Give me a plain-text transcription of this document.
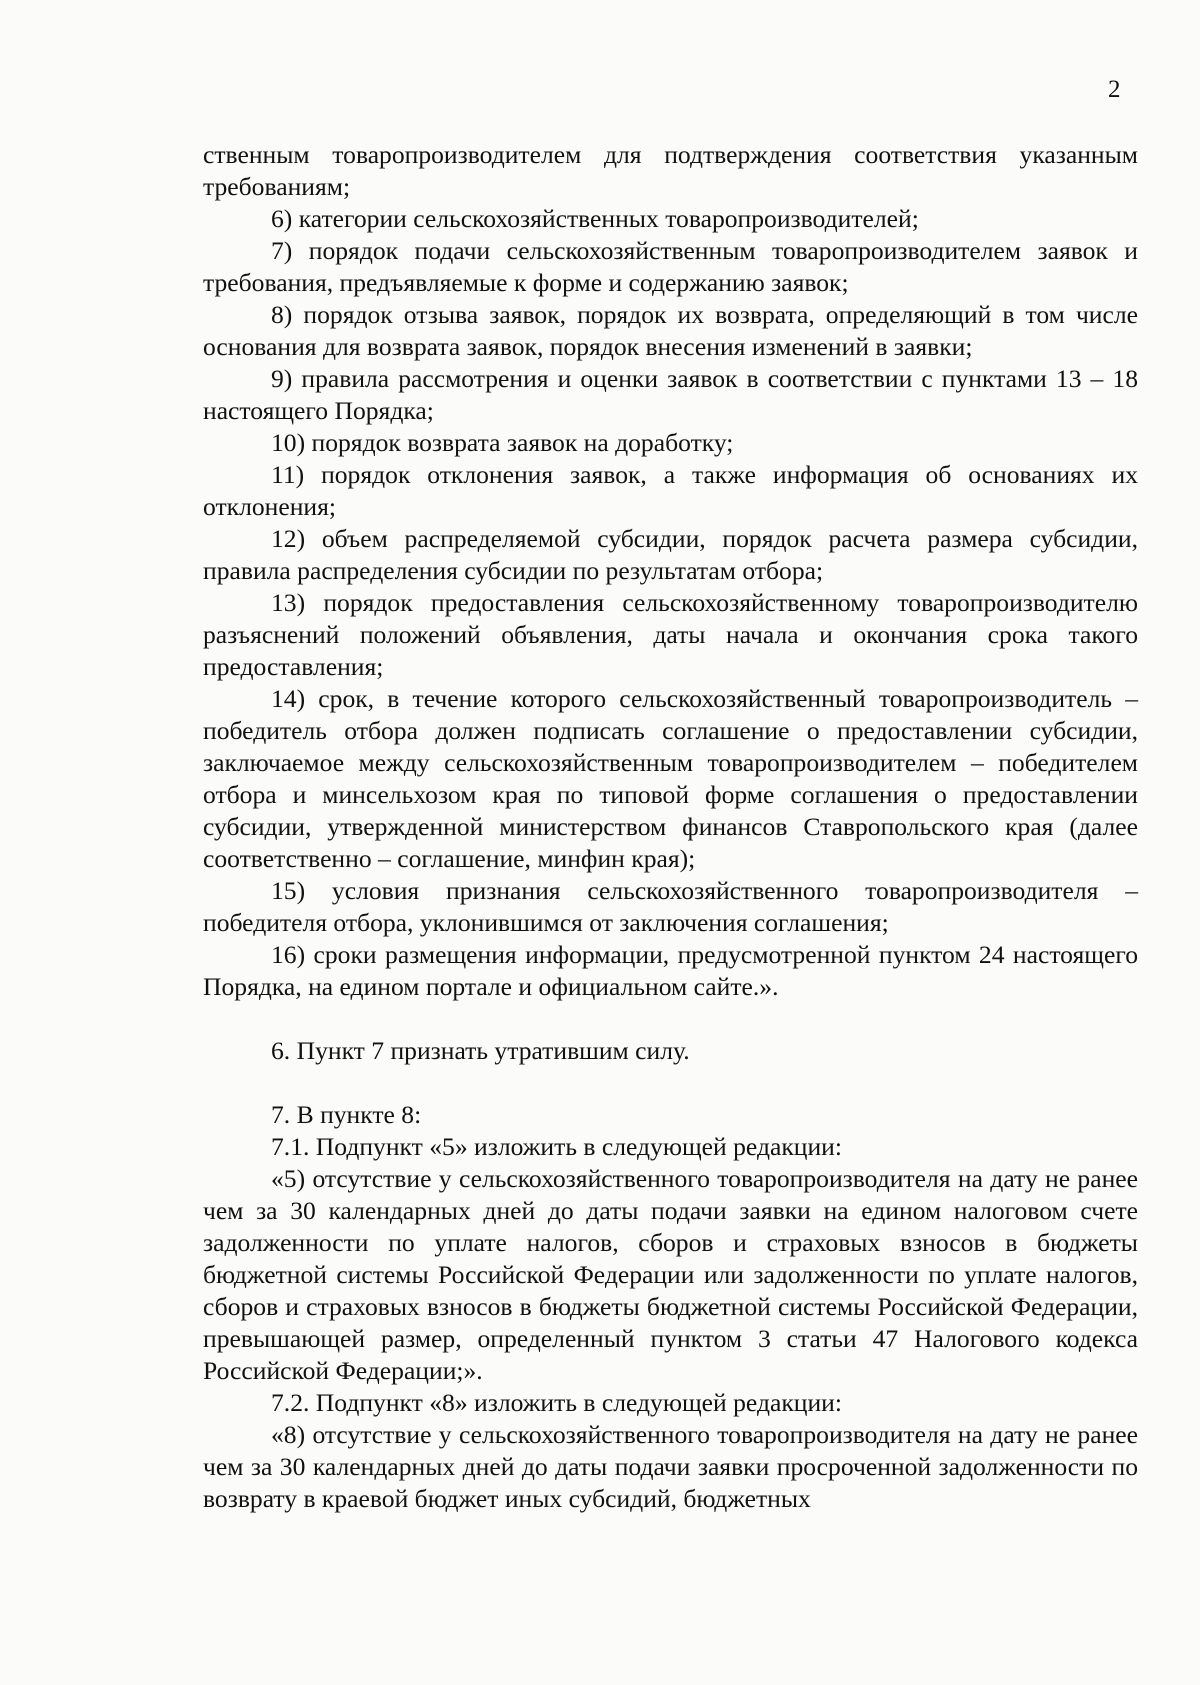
2

ственным товаропроизводителем для подтверждения соответствия указанным требованиям;

6) категории сельскохозяйственных товаропроизводителей;

7) порядок подачи сельскохозяйственным товаропроизводителем заявок и требования, предъявляемые к форме и содержанию заявок;

8) порядок отзыва заявок, порядок их возврата, определяющий в том числе основания для возврата заявок, порядок внесения изменений в заявки;

9) правила рассмотрения и оценки заявок в соответствии с пунктами 13 – 18 настоящего Порядка;

10) порядок возврата заявок на доработку;

11) порядок отклонения заявок, а также информация об основаниях их отклонения;

12) объем распределяемой субсидии, порядок расчета размера субсидии, правила распределения субсидии по результатам отбора;

13) порядок предоставления сельскохозяйственному товаропроизводителю разъяснений положений объявления, даты начала и окончания срока такого предоставления;

14) срок, в течение которого сельскохозяйственный товаропроизводитель – победитель отбора должен подписать соглашение о предоставлении субсидии, заключаемое между сельскохозяйственным товаропроизводителем – победителем отбора и минсельхозом края по типовой форме соглашения о предоставлении субсидии, утвержденной министерством финансов Ставропольского края (далее соответственно – соглашение, минфин края);

15) условия признания сельскохозяйственного товаропроизводителя – победителя отбора, уклонившимся от заключения соглашения;

16) сроки размещения информации, предусмотренной пунктом 24 настоящего Порядка, на едином портале и официальном сайте.».

6. Пункт 7 признать утратившим силу.

7. В пункте 8:

7.1. Подпункт «5» изложить в следующей редакции:

«5) отсутствие у сельскохозяйственного товаропроизводителя на дату не ранее чем за 30 календарных дней до даты подачи заявки на едином налоговом счете задолженности по уплате налогов, сборов и страховых взносов в бюджеты бюджетной системы Российской Федерации или задолженности по уплате налогов, сборов и страховых взносов в бюджеты бюджетной системы Российской Федерации, превышающей размер, определенный пунктом 3 статьи 47 Налогового кодекса Российской Федерации;».

7.2. Подпункт «8» изложить в следующей редакции:

«8) отсутствие у сельскохозяйственного товаропроизводителя на дату не ранее чем за 30 календарных дней до даты подачи заявки просроченной задолженности по возврату в краевой бюджет иных субсидий, бюджетных
